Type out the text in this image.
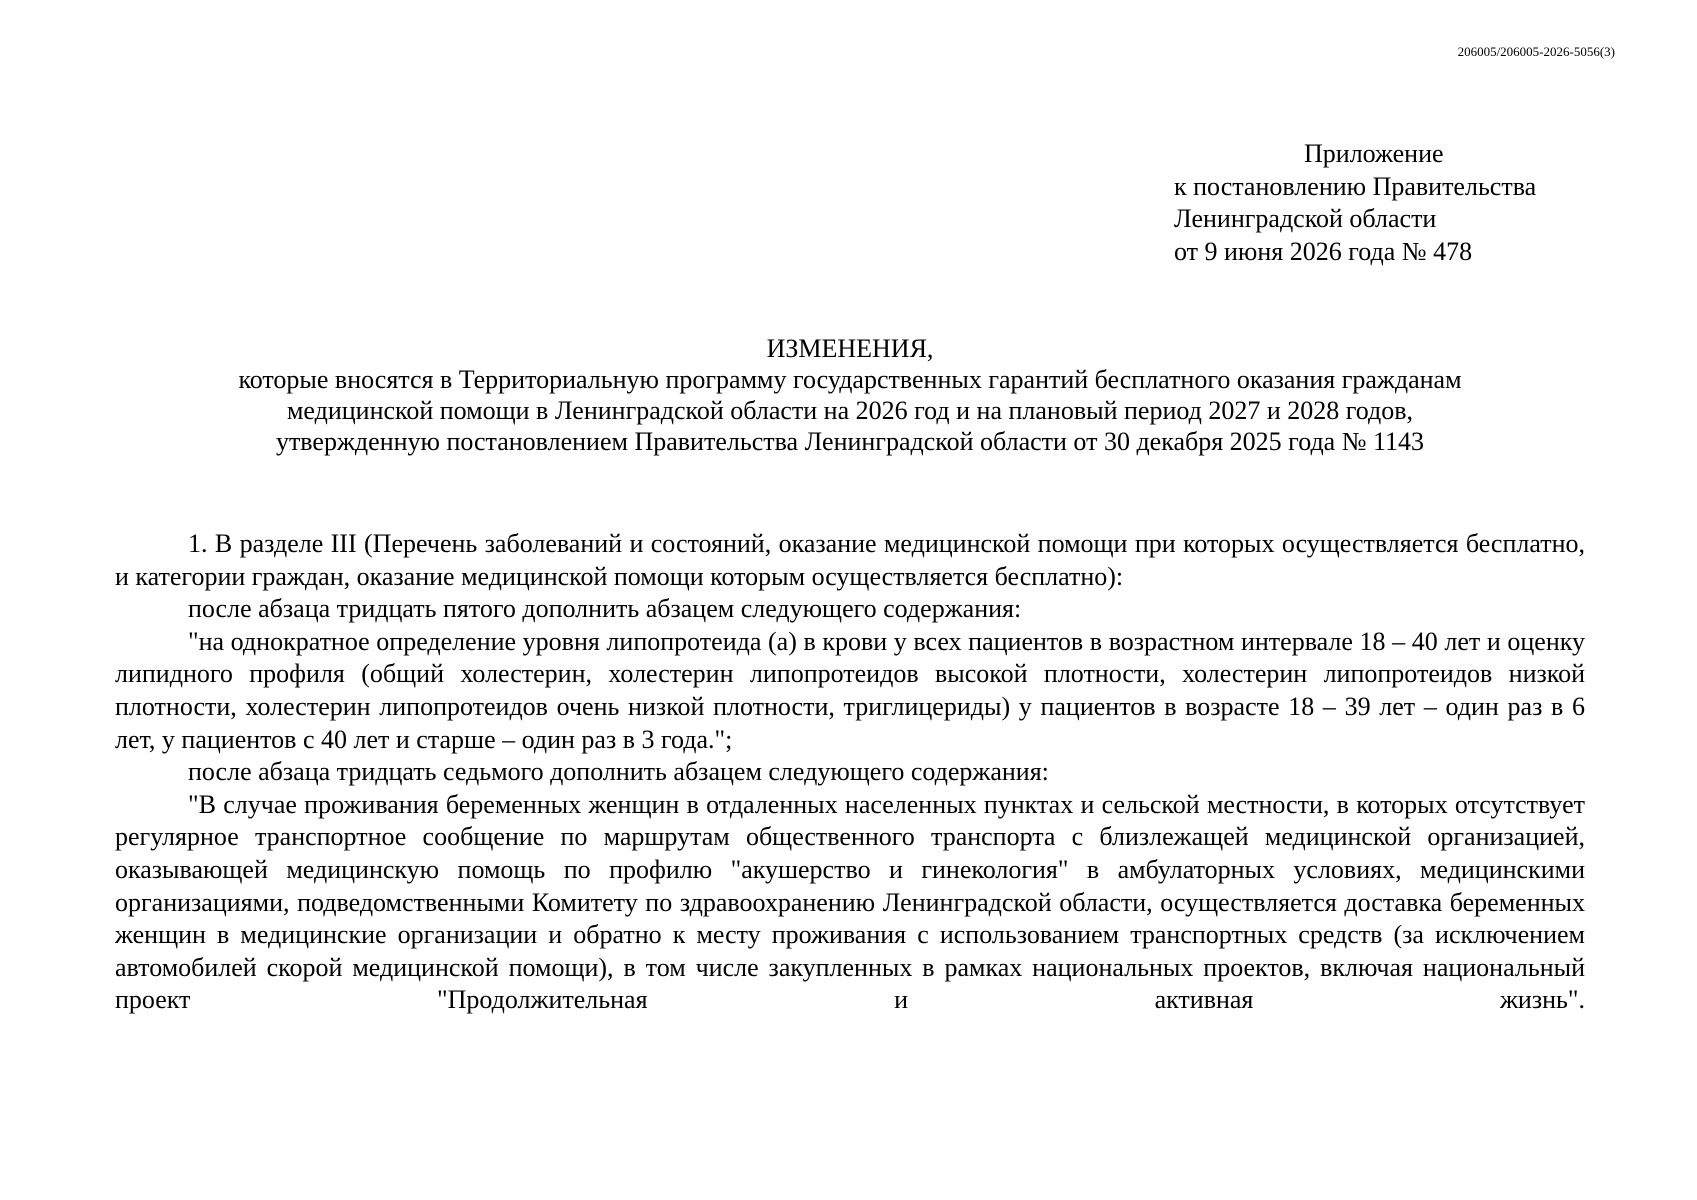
206005/206005-2026-5056(3)
Приложение
к постановлению Правительства
Ленинградской области
от 9 июня 2026 года № 478
ИЗМЕНЕНИЯ,
которые вносятся в Территориальную программу государственных гарантий бесплатного оказания гражданам
медицинской помощи в Ленинградской области на 2026 год и на плановый период 2027 и 2028 годов,
утвержденную постановлением Правительства Ленинградской области от 30 декабря 2025 года № 1143

1. В разделе III (Перечень заболеваний и состояний, оказание медицинской помощи при которых осуществляется бесплатно, и категории граждан, оказание медицинской помощи которым осуществляется бесплатно):

после абзаца тридцать пятого дополнить абзацем следующего содержания:

"на однократное определение уровня липопротеида (а) в крови у всех пациентов в возрастном интервале 18 – 40 лет и оценку липидного профиля (общий холестерин, холестерин липопротеидов высокой плотности, холестерин липопротеидов низкой плотности, холестерин липопротеидов очень низкой плотности, триглицериды) у пациентов в возрасте 18 – 39 лет – один раз в 6 лет, у пациентов с 40 лет и старше – один раз в 3 года.";

после абзаца тридцать седьмого дополнить абзацем следующего содержания:

"В случае проживания беременных женщин в отдаленных населенных пунктах и сельской местности, в которых отсутствует регулярное транспортное сообщение по маршрутам общественного транспорта с близлежащей медицинской организацией, оказывающей медицинскую помощь по профилю "акушерство и гинекология" в амбулаторных условиях, медицинскими организациями, подведомственными Комитету по здравоохранению Ленинградской области, осуществляется доставка беременных женщин в медицинские организации и обратно к месту проживания с использованием транспортных средств (за исключением автомобилей скорой медицинской помощи), в том числе закупленных в рамках национальных проектов, включая национальный проект "Продолжительная и активная жизнь".
